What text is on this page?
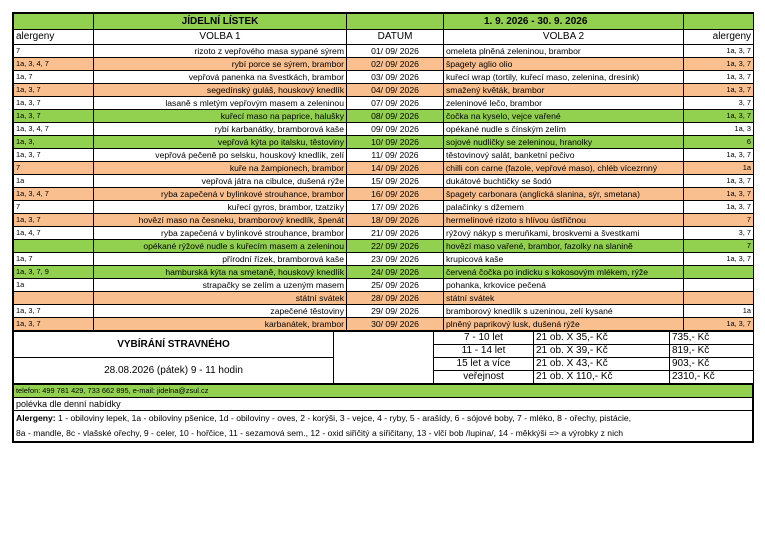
	JÍDELNÍ LÍSTEK		1. 9. 2026 - 30. 9. 2026	
alergeny	VOLBA 1	DATUM	VOLBA 2	alergeny
7	rizoto z vepřového masa sypané sýrem	01/ 09/ 2026	omeleta plněná zeleninou, brambor	1a, 3, 7
1a, 3, 4, 7	rybí porce se sýrem, brambor	02/ 09/ 2026	špagety aglio olio	1a, 3, 7
1a, 7	vepřová panenka na švestkách, brambor	03/ 09/ 2026	kuřecí wrap (tortily, kuřecí maso, zelenina, dresink)	1a, 3, 7
1a, 3, 7	segedínský guláš, houskový knedlík	04/ 09/ 2026	smažený květák, brambor	1a, 3, 7
1a, 3, 7	lasaně s mletým vepřovým masem a zeleninou	07/ 09/ 2026	zeleninové lečo, brambor	3, 7
1a, 3, 7	kuřecí maso na paprice, halušky	08/ 09/ 2026	čočka na kyselo, vejce vařené	1a, 3, 7
1a, 3, 4, 7	rybí karbanátky, bramborová kaše	09/ 09/ 2026	opékané nudle s čínským zelím	1a, 3
1a, 3,	vepřová kýta po italsku, těstoviny	10/ 09/ 2026	sojové nudličky se zeleninou, hranolky	6
1a, 3, 7	vepřová pečeně po selsku, houskový knedlík, zelí	11/ 09/ 2026	těstovinový salát, banketní pečivo	1a, 3, 7
7	kuře na žampionech, brambor	14/ 09/ 2026	chilli con carne (fazole, vepřové maso), chléb vícezrnný	1a
1a	vepřová játra na cibulce, dušená rýže	15/ 09/ 2026	dukátové buchtičky se šodó	1a, 3, 7
1a, 3, 4, 7	ryba zapečená v bylinkové strouhance, brambor	16/ 09/ 2026	špagety carbonara (anglická slanina, sýr, smetana)	1a, 3, 7
7	kuřecí gyros, brambor, tzatziky	17/ 09/ 2026	palačinky s džemem	1a, 3, 7
1a, 3, 7	hovězí maso na česneku, bramborový knedlík, špenát	18/ 09/ 2026	hermelínové rizoto s hlívou ústřičnou	7
1a, 4, 7	ryba zapečená v bylinkové strouhance, brambor	21/ 09/ 2026	rýžový nákyp s meruňkami, broskvemi a švestkami	3, 7
	opékané rýžové nudle s kuřecím masem a zeleninou	22/ 09/ 2026	hovězí maso vařené, brambor, fazolky na slanině	7
1a, 7	přírodní řízek, bramborová kaše	23/ 09/ 2026	krupicová kaše	1a, 3, 7
1a, 3, 7, 9	hamburská kýta na smetaně, houskový knedlík	24/ 09/ 2026	červená čočka po indicku s kokosovým mlékem, rýže	
1a	strapačky se zelím a uzeným masem	25/ 09/ 2026	pohanka, krkovice pečená	
	státní svátek	28/ 09/ 2026	státní svátek	
1a, 3, 7	zapečené těstoviny	29/ 09/ 2026	bramborový knedlík s uzeninou, zelí kysané	1a
1a, 3, 7	karbanátek, brambor	30/ 09/ 2026	plněný paprikový lusk, dušená rýže	1a, 3, 7
VYBÍRÁNÍ STRAVNÉHO		7 - 10 let	21 ob. X 35,- Kč	735,- Kč
		11 - 14 let	21 ob. X 39,- Kč	819,- Kč
28.08.2026 (pátek) 9 - 11 hodin		15 let a více	21 ob. X 43,- Kč	903,- Kč
		veřejnost	21 ob. X 110,- Kč	2310,- Kč
telefon: 499 781 429, 733 662 895, e-mail: jidelna@zsul.cz
polévka dle denní nabídky
Alergeny: 1 - obiloviny lepek, 1a - obiloviny pšenice, 1d - obiloviny - oves, 2 - korýši, 3 - vejce, 4 - ryby, 5 - arašídy, 6 - sójové boby, 7 - mléko, 8 - ořechy, pistácie,
8a - mandle, 8c - vlašské ořechy, 9 - celer, 10 - hořčice, 11 - sezamová sem., 12 - oxid siřičitý a siřičitany, 13 - vlčí bob /lupina/, 14 - měkkýši => a výrobky z nich
